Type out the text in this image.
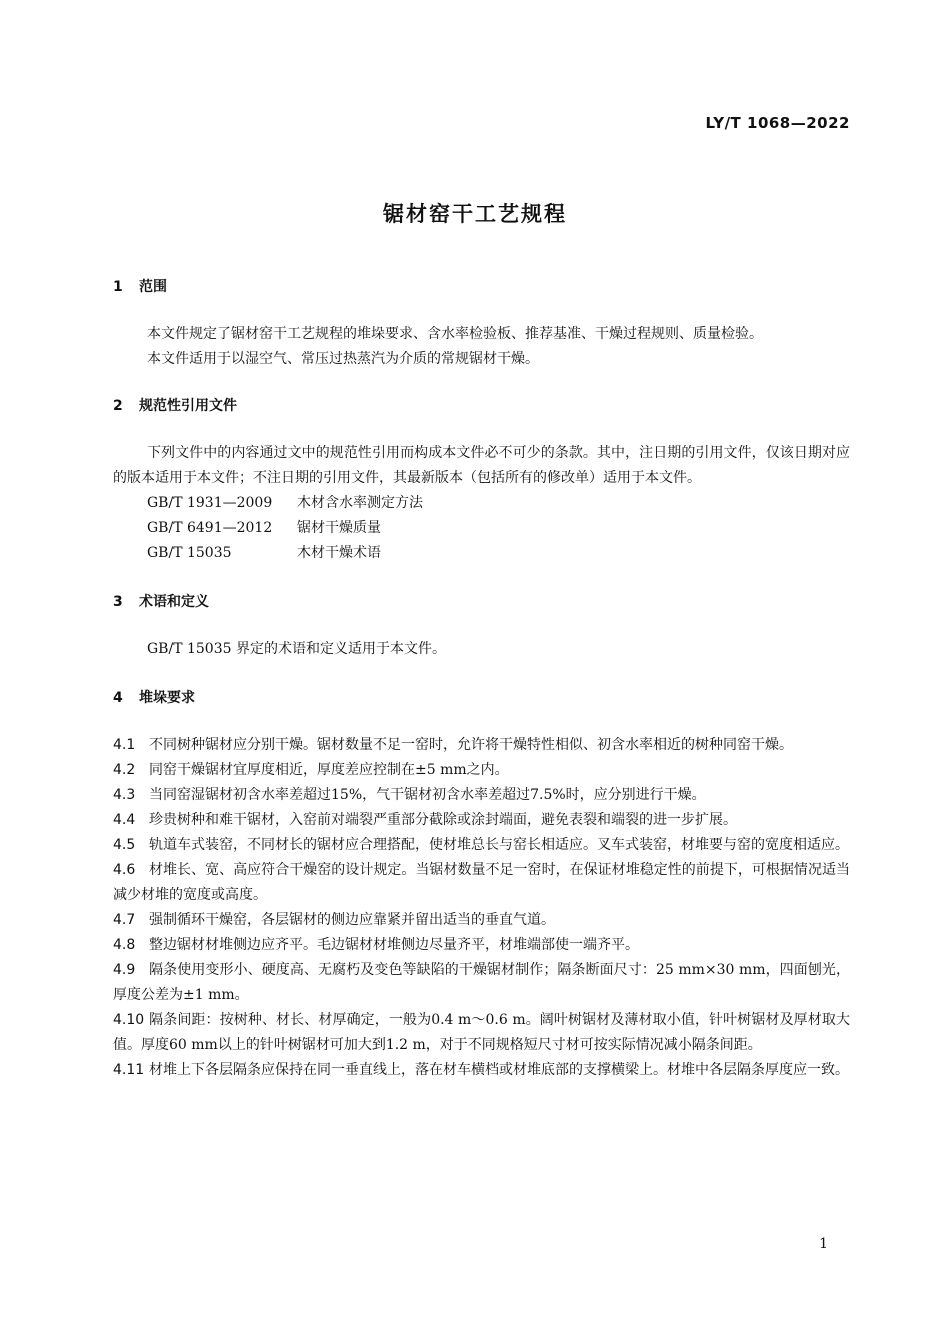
LY/T 1068—2022
锯材窑干工艺规程
1 范围

本文件规定了锯材窑干工艺规程的堆垛要求、含水率检验板、推荐基准、干燥过程规则、质量检验。

本文件适用于以湿空气、常压过热蒸汽为介质的常规锯材干燥。

2 规范性引用文件

下列文件中的内容通过文中的规范性引用而构成本文件必不可少的条款。其中，注日期的引用文件，仅该日期对应的版本适用于本文件；不注日期的引用文件，其最新版本（包括所有的修改单）适用于本文件。

GB/T 1931—2009 木材含水率测定方法
GB/T 6491—2012 锯材干燥质量
GB/T 15035	木材干燥术语
3 术语和定义

GB/T 15035 界定的术语和定义适用于本文件。

4 堆垛要求

4.1 不同树种锯材应分别干燥。锯材数量不足一窑时，允许将干燥特性相似、初含水率相近的树种同窑干燥。

4.2 同窑干燥锯材宜厚度相近，厚度差应控制在±5 mm之内。

4.3 当同窑湿锯材初含水率差超过15%，气干锯材初含水率差超过7.5%时，应分别进行干燥。

4.4 珍贵树种和难干锯材，入窑前对端裂严重部分截除或涂封端面，避免表裂和端裂的进一步扩展。

4.5 轨道车式装窑，不同材长的锯材应合理搭配，使材堆总长与窑长相适应。叉车式装窑，材堆要与窑的宽度相适应。

4.6 材堆长、宽、高应符合干燥窑的设计规定。当锯材数量不足一窑时，在保证材堆稳定性的前提下，可根据情况适当减少材堆的宽度或高度。

4.7 强制循环干燥窑，各层锯材的侧边应靠紧并留出适当的垂直气道。

4.8 整边锯材材堆侧边应齐平。毛边锯材材堆侧边尽量齐平，材堆端部使一端齐平。

4.9 隔条使用变形小、硬度高、无腐朽及变色等缺陷的干燥锯材制作；隔条断面尺寸：25 mm×30 mm，四面刨光，厚度公差为±1 mm。

4.10 隔条间距：按树种、材长、材厚确定，一般为0.4 m～0.6 m。阔叶树锯材及薄材取小值，针叶树锯材及厚材取大值。厚度60 mm以上的针叶树锯材可加大到1.2 m，对于不同规格短尺寸材可按实际情况减小隔条间距。

4.11 材堆上下各层隔条应保持在同一垂直线上，落在材车横档或材堆底部的支撑横梁上。材堆中各层隔条厚度应一致。

1
